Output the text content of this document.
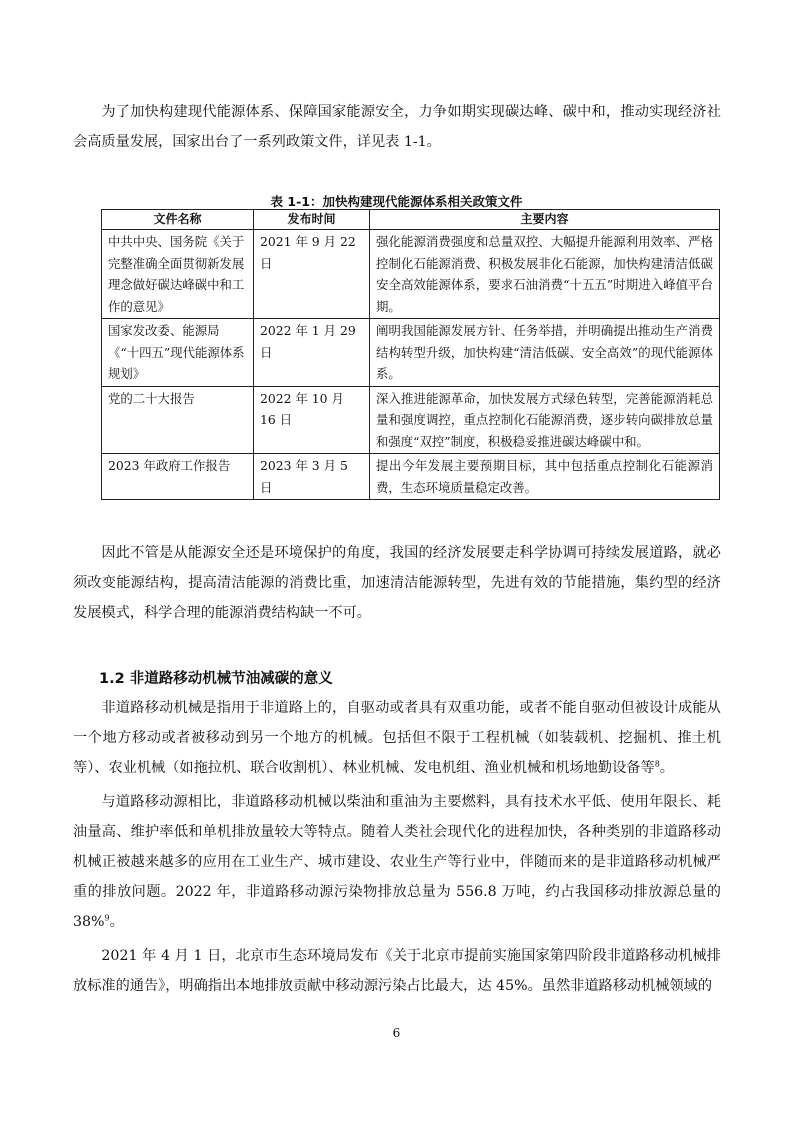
为了加快构建现代能源体系、保障国家能源安全，力争如期实现碳达峰、碳中和，推动实现经济社会高质量发展，国家出台了一系列政策文件，详见表 1-1。

表 1-1：加快构建现代能源体系相关政策文件
文件名称	发布时间	主要内容
中共中央、国务院《关于完整准确全面贯彻新发展理念做好碳达峰碳中和工作的意见》	2021 年 9 月 22 日	强化能源消费强度和总量双控、大幅提升能源利用效率、严格控制化石能源消费、积极发展非化石能源，加快构建清洁低碳安全高效能源体系，要求石油消费“十五五”时期进入峰值平台期。
国家发改委、能源局《“十四五”现代能源体系规划》	2022 年 1 月 29 日	阐明我国能源发展方针、任务举措，并明确提出推动生产消费结构转型升级，加快构建“清洁低碳、安全高效”的现代能源体系。
党的二十大报告	2022 年 10 月 16 日	深入推进能源革命，加快发展方式绿色转型，完善能源消耗总量和强度调控，重点控制化石能源消费，逐步转向碳排放总量和强度“双控”制度，积极稳妥推进碳达峰碳中和。
2023 年政府工作报告	2023 年 3 月 5 日	提出今年发展主要预期目标，其中包括重点控制化石能源消费，生态环境质量稳定改善。

因此不管是从能源安全还是环境保护的角度，我国的经济发展要走科学协调可持续发展道路，就必须改变能源结构，提高清洁能源的消费比重，加速清洁能源转型，先进有效的节能措施，集约型的经济发展模式，科学合理的能源消费结构缺一不可。

1.2 非道路移动机械节油减碳的意义

非道路移动机械是指用于非道路上的，自驱动或者具有双重功能，或者不能自驱动但被设计成能从一个地方移动或者被移动到另一个地方的机械。包括但不限于工程机械（如装载机、挖掘机、推土机等）、农业机械（如拖拉机、联合收割机）、林业机械、发电机组、渔业机械和机场地勤设备等$^8$。

与道路移动源相比，非道路移动机械以柴油和重油为主要燃料，具有技术水平低、使用年限长、耗油量高、维护率低和单机排放量较大等特点。随着人类社会现代化的进程加快，各种类别的非道路移动机械正被越来越多的应用在工业生产、城市建设、农业生产等行业中，伴随而来的是非道路移动机械严重的排放问题。2022 年，非道路移动源污染物排放总量为 556.8 万吨，约占我国移动排放源总量的 38%$^9$。

2021 年 4 月 1 日，北京市生态环境局发布《关于北京市提前实施国家第四阶段非道路移动机械排放标准的通告》，明确指出本地排放贡献中移动源污染占比最大，达 45%。虽然非道路移动机械领域的

6
